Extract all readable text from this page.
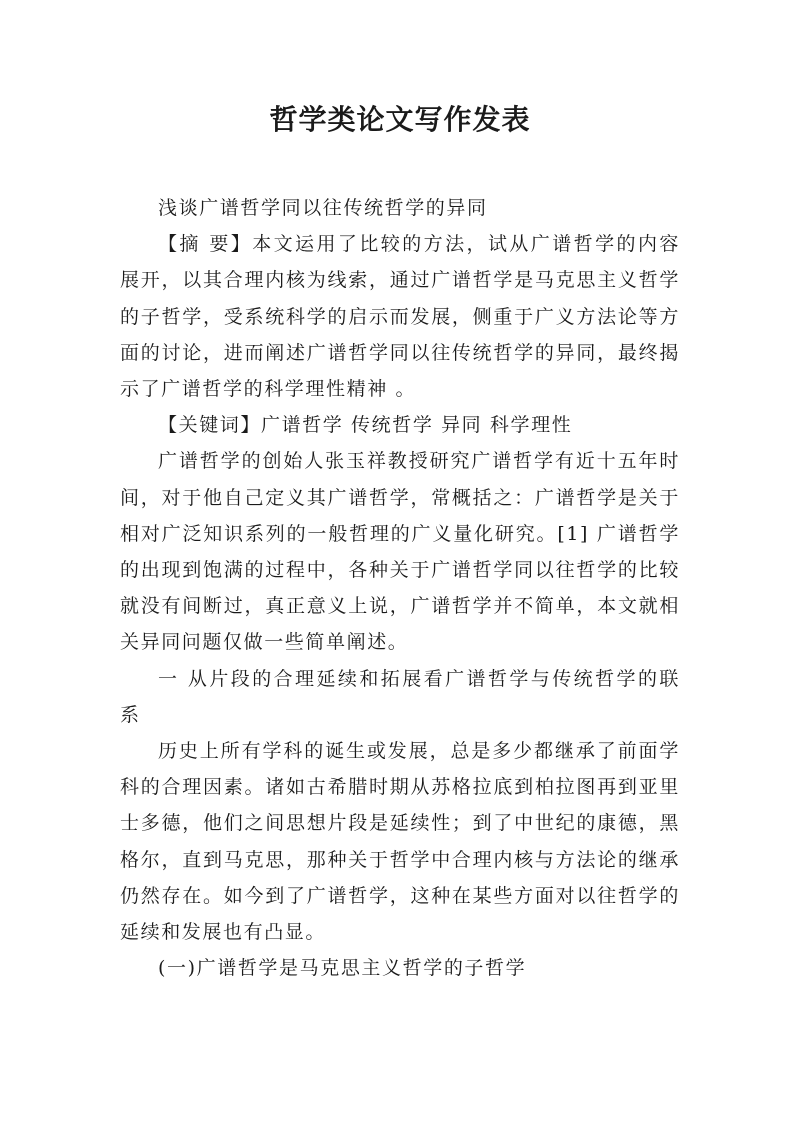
哲学类论文写作发表

浅谈广谱哲学同以往传统哲学的异同

【摘 要】本文运用了比较的方法，试从广谱哲学的内容展开，以其合理内核为线索，通过广谱哲学是马克思主义哲学的子哲学，受系统科学的启示而发展，侧重于广义方法论等方面的讨论，进而阐述广谱哲学同以往传统哲学的异同，最终揭示了广谱哲学的科学理性精神 。

【关键词】广谱哲学 传统哲学 异同 科学理性

广谱哲学的创始人张玉祥教授研究广谱哲学有近十五年时间，对于他自己定义其广谱哲学，常概括之：广谱哲学是关于相对广泛知识系列的一般哲理的广义量化研究。[1] 广谱哲学的出现到饱满的过程中，各种关于广谱哲学同以往哲学的比较就没有间断过，真正意义上说，广谱哲学并不简单，本文就相关异同问题仅做一些简单阐述。

一 从片段的合理延续和拓展看广谱哲学与传统哲学的联系

历史上所有学科的诞生或发展，总是多少都继承了前面学科的合理因素。诸如古希腊时期从苏格拉底到柏拉图再到亚里士多德，他们之间思想片段是延续性；到了中世纪的康德，黑格尔，直到马克思，那种关于哲学中合理内核与方法论的继承仍然存在。如今到了广谱哲学，这种在某些方面对以往哲学的延续和发展也有凸显。

(一)广谱哲学是马克思主义哲学的子哲学
